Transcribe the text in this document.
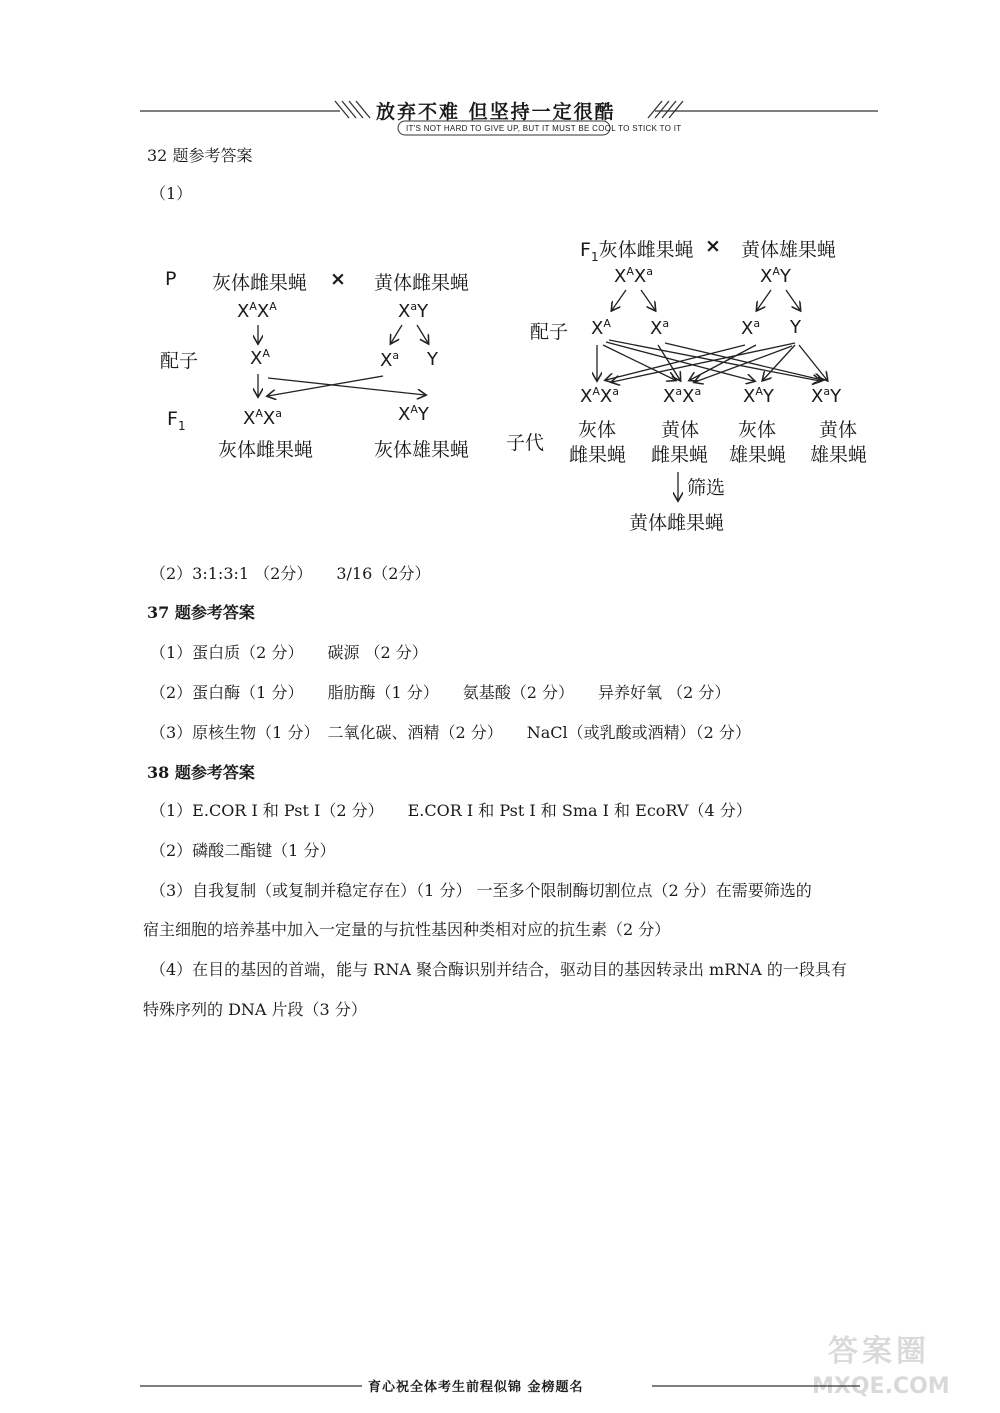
放弃不难 但坚持一定很酷
IT'S NOT HARD TO GIVE UP, BUT IT MUST BE COOL TO STICK TO IT
32 题参考答案
（1）
P 灰体雌果蝇 × 黄体雌果蝇
$X^AX^A$	$X^aY$
配子	$X^A$	$X^a$ Y
$F_1$	$X^AX^a$	$X^AY$
灰体雌果蝇	灰体雄果蝇
$F_1$灰体雌果蝇 × 黄体雄果蝇
$X^AX^a$	$X^AY$
配子 $X^A$ $X^a$	$X^a$ Y
$X^AX^a$ $X^aX^a$ $X^AY$ $X^aY$
子代
灰体
雌果蝇
黄体
雌果蝇
灰体
雄果蝇
黄体
雄果蝇
筛选
黄体雌果蝇
（2）3:1:3:1 （2分）　　3/16（2分）
37 题参考答案
（1）蛋白质（2 分）　　碳源 （2 分）
（2）蛋白酶（1 分）　　脂肪酶（1 分）　　氨基酸（2 分）　　异养好氧 （2 分）
（3）原核生物（1 分）　二氧化碳、酒精（2 分）　　NaCl（或乳酸或酒精）（2 分）
38 题参考答案
（1）E.COR Ⅰ 和 Pst Ⅰ（2 分）　　E.COR Ⅰ 和 Pst Ⅰ 和 Sma Ⅰ 和 EcoRV（4 分）
（2）磷酸二酯键（1 分）
（3）自我复制（或复制并稳定存在）（1 分） 一至多个限制酶切割位点（2 分）在需要筛选的
宿主细胞的培养基中加入一定量的与抗性基因种类相对应的抗生素（2 分）
（4）在目的基因的首端，能与 RNA 聚合酶识别并结合，驱动目的基因转录出 mRNA 的一段具有
特殊序列的 DNA 片段（3 分）
答案圈
MXQE.COM
育心祝全体考生前程似锦 金榜题名
